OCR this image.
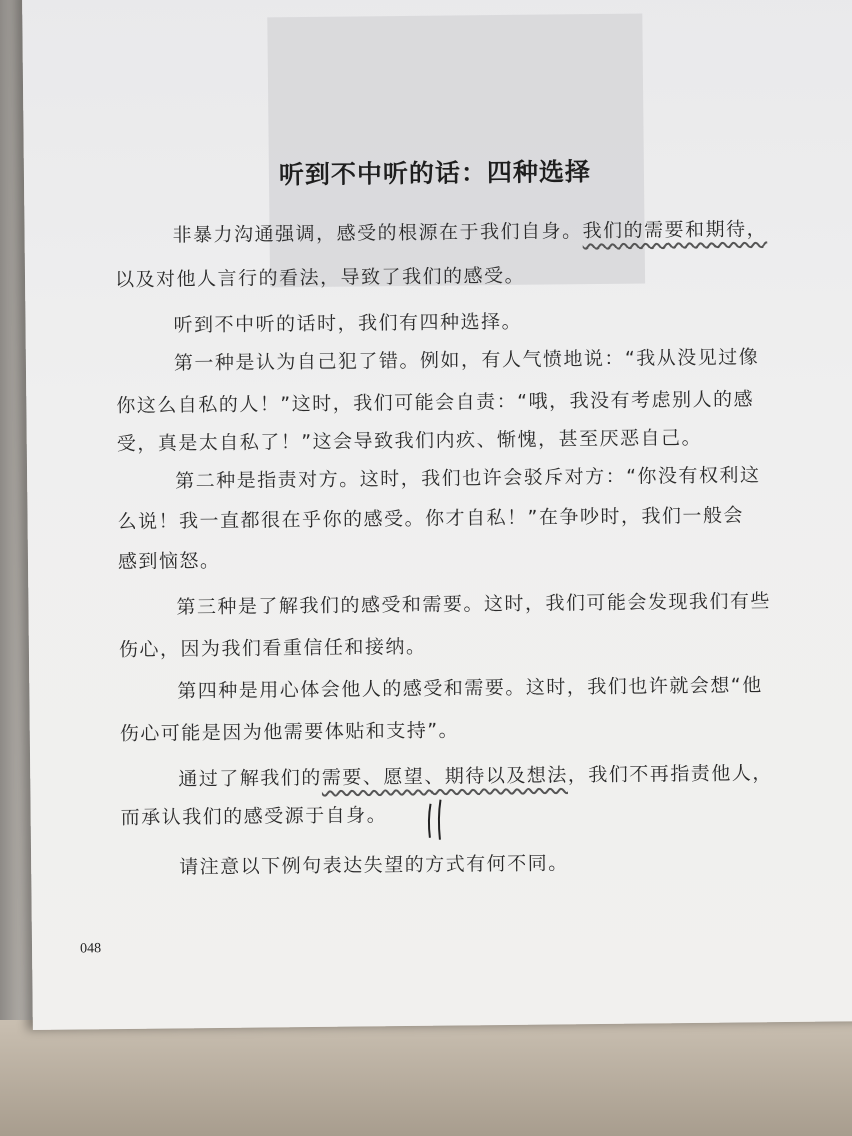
听到不中听的话：四种选择
非暴力沟通强调，感受的根源在于我们自身。我们的需要和期待，
以及对他人言行的看法，导致了我们的感受。
听到不中听的话时，我们有四种选择。
第一种是认为自己犯了错。例如，有人气愤地说：“我从没见过像
你这么自私的人！”这时，我们可能会自责：“哦，我没有考虑别人的感
受，真是太自私了！”这会导致我们内疚、惭愧，甚至厌恶自己。
第二种是指责对方。这时，我们也许会驳斥对方：“你没有权利这
么说！我一直都很在乎你的感受。你才自私！”在争吵时，我们一般会
感到恼怒。
第三种是了解我们的感受和需要。这时，我们可能会发现我们有些
伤心，因为我们看重信任和接纳。
第四种是用心体会他人的感受和需要。这时，我们也许就会想“他
伤心可能是因为他需要体贴和支持”。
通过了解我们的需要、愿望、期待以及想法，我们不再指责他人，
而承认我们的感受源于自身。
请注意以下例句表达失望的方式有何不同。
048
